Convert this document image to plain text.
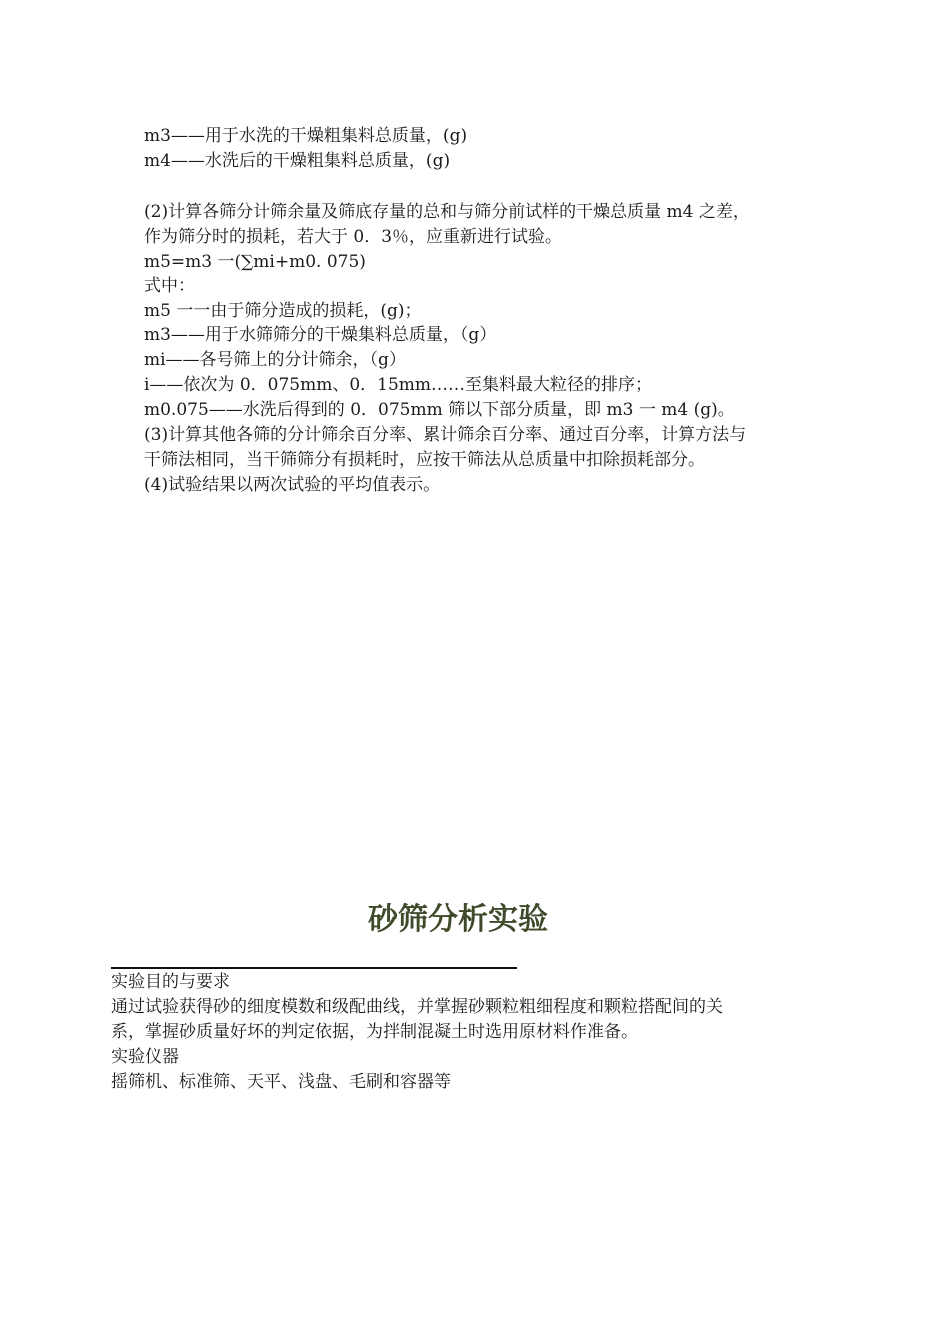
m3——用于水洗的干燥粗集料总质量，(g)
m4——水洗后的干燥粗集料总质量，(g)
(2)计算各筛分计筛余量及筛底存量的总和与筛分前试样的干燥总质量 m4 之差，
作为筛分时的损耗，若大于 0．3％，应重新进行试验。
m5=m3 一(∑mi+m0. 075)
式中：
m5 一一由于筛分造成的损耗，(g)；
m3——用于水筛筛分的干燥集料总质量，（g）
mi——各号筛上的分计筛余，（g）
i——依次为 0．075mm、0．15mm……至集料最大粒径的排序；
m0.075——水洗后得到的 0．075mm 筛以下部分质量，即 m3 一 m4 (g)。
(3)计算其他各筛的分计筛余百分率、累计筛余百分率、通过百分率，计算方法与
干筛法相同，当干筛筛分有损耗时，应按干筛法从总质量中扣除损耗部分。
(4)试验结果以两次试验的平均值表示。
砂筛分析实验
实验目的与要求
通过试验获得砂的细度模数和级配曲线，并掌握砂颗粒粗细程度和颗粒搭配间的关
系，掌握砂质量好坏的判定依据，为拌制混凝土时选用原材料作准备。
实验仪器
摇筛机、标准筛、天平、浅盘、毛刷和容器等
